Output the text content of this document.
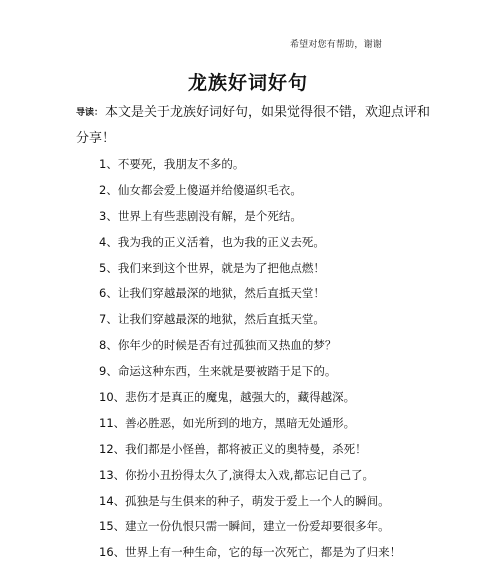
希望对您有帮助，谢谢
龙族好词好句
导读： 本文是关于龙族好词好句，如果觉得很不错，欢迎点评和分享！
1、不要死，我朋友不多的。
2、仙女都会爱上傻逼并给傻逼织毛衣。
3、世界上有些悲剧没有解，是个死结。
4、我为我的正义活着，也为我的正义去死。
5、我们来到这个世界，就是为了把他点燃！
6、让我们穿越最深的地狱，然后直抵天堂！
7、让我们穿越最深的地狱，然后直抵天堂。
8、你年少的时候是否有过孤独而又热血的梦？
9、命运这种东西，生来就是要被踏于足下的。
10、悲伤才是真正的魔鬼，越强大的，藏得越深。
11、善必胜恶，如光所到的地方，黑暗无处遁形。
12、我们都是小怪兽，都将被正义的奥特曼，杀死！
13、你扮小丑扮得太久了,演得太入戏,都忘记自己了。
14、孤独是与生俱来的种子，萌发于爱上一个人的瞬间。
15、建立一份仇恨只需一瞬间，建立一份爱却要很多年。
16、世界上有一种生命，它的每一次死亡，都是为了归来！
